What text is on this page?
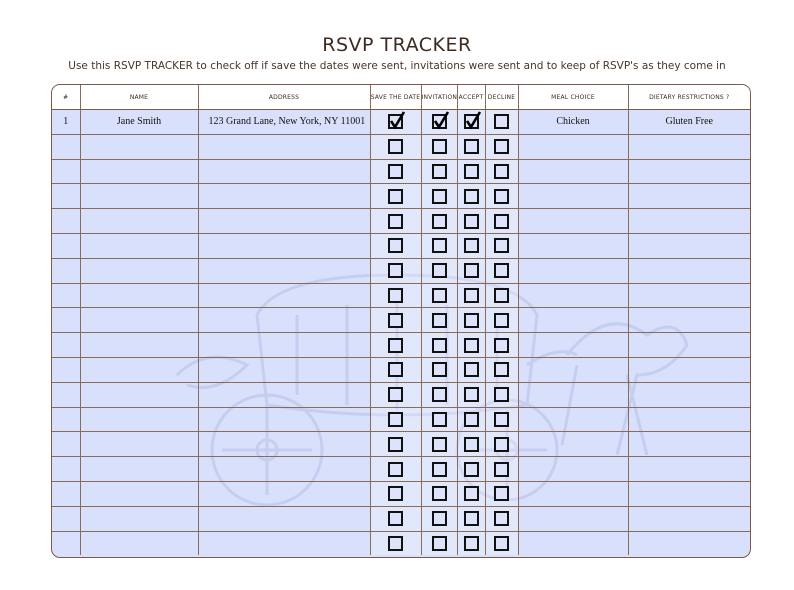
RSVP TRACKER
Use this RSVP TRACKER to check off if save the dates were sent, invitations were sent and to keep of RSVP's as they come in
#	NAME	ADDRESS	SAVE THE DATE	INVITATION	ACCEPT	DECLINE	MEAL CHOICE	DIETARY RESTRICTIONS ?
1	Jane Smith	123 Grand Lane, New York, NY 11001					Chicken	Gluten Free
